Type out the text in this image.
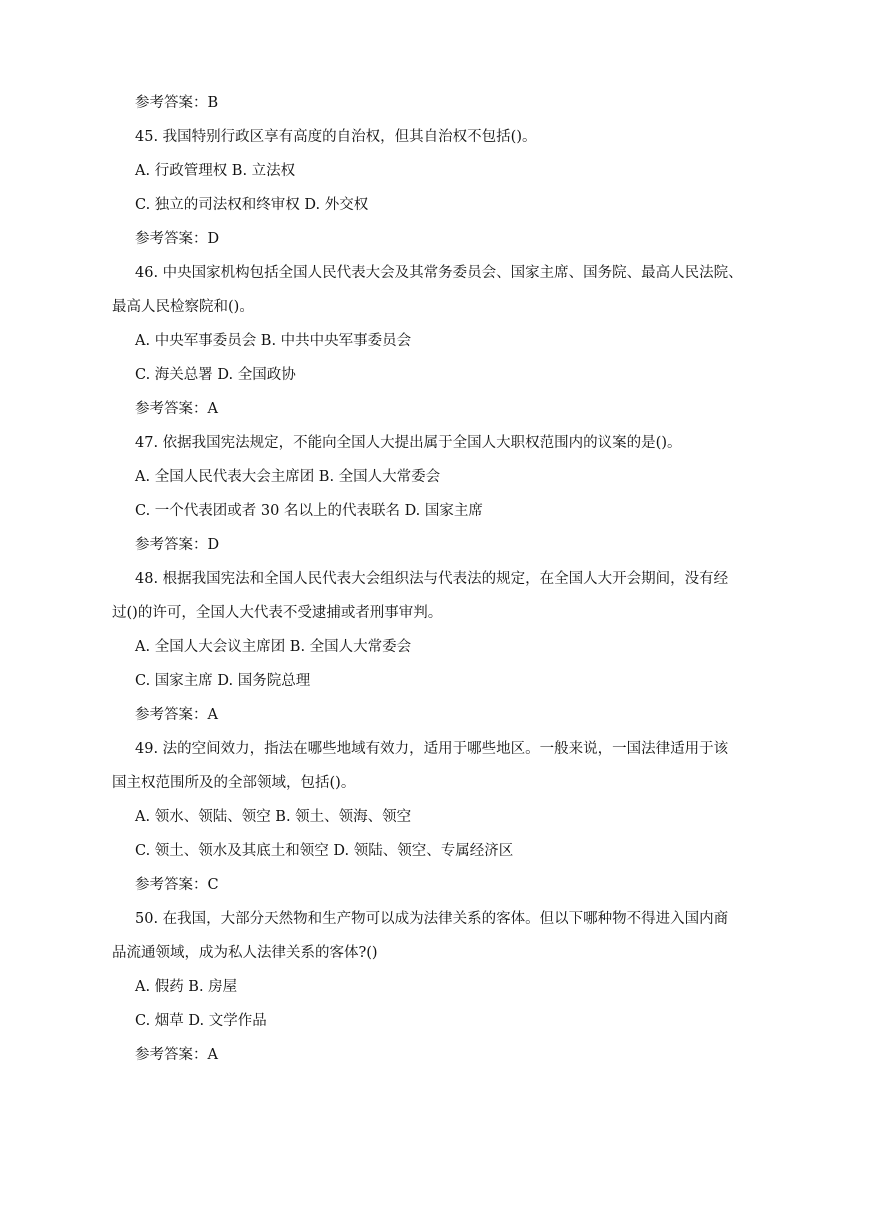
参考答案：B
45. 我国特别行政区享有高度的自治权，但其自治权不包括()。
A. 行政管理权 B. 立法权
C. 独立的司法权和终审权 D. 外交权
参考答案：D
46. 中央国家机构包括全国人民代表大会及其常务委员会、国家主席、国务院、最高人民法院、
最高人民检察院和()。
A. 中央军事委员会 B. 中共中央军事委员会
C. 海关总署 D. 全国政协
参考答案：A
47. 依据我国宪法规定，不能向全国人大提出属于全国人大职权范围内的议案的是()。
A. 全国人民代表大会主席团 B. 全国人大常委会
C. 一个代表团或者 30 名以上的代表联名 D. 国家主席
参考答案：D
48. 根据我国宪法和全国人民代表大会组织法与代表法的规定，在全国人大开会期间，没有经
过()的许可，全国人大代表不受逮捕或者刑事审判。
A. 全国人大会议主席团 B. 全国人大常委会
C. 国家主席 D. 国务院总理
参考答案：A
49. 法的空间效力，指法在哪些地域有效力，适用于哪些地区。一般来说，一国法律适用于该
国主权范围所及的全部领域，包括()。
A. 领水、领陆、领空 B. 领土、领海、领空
C. 领土、领水及其底土和领空 D. 领陆、领空、专属经济区
参考答案：C
50. 在我国，大部分天然物和生产物可以成为法律关系的客体。但以下哪种物不得进入国内商
品流通领域，成为私人法律关系的客体?()
A. 假药 B. 房屋
C. 烟草 D. 文学作品
参考答案：A
